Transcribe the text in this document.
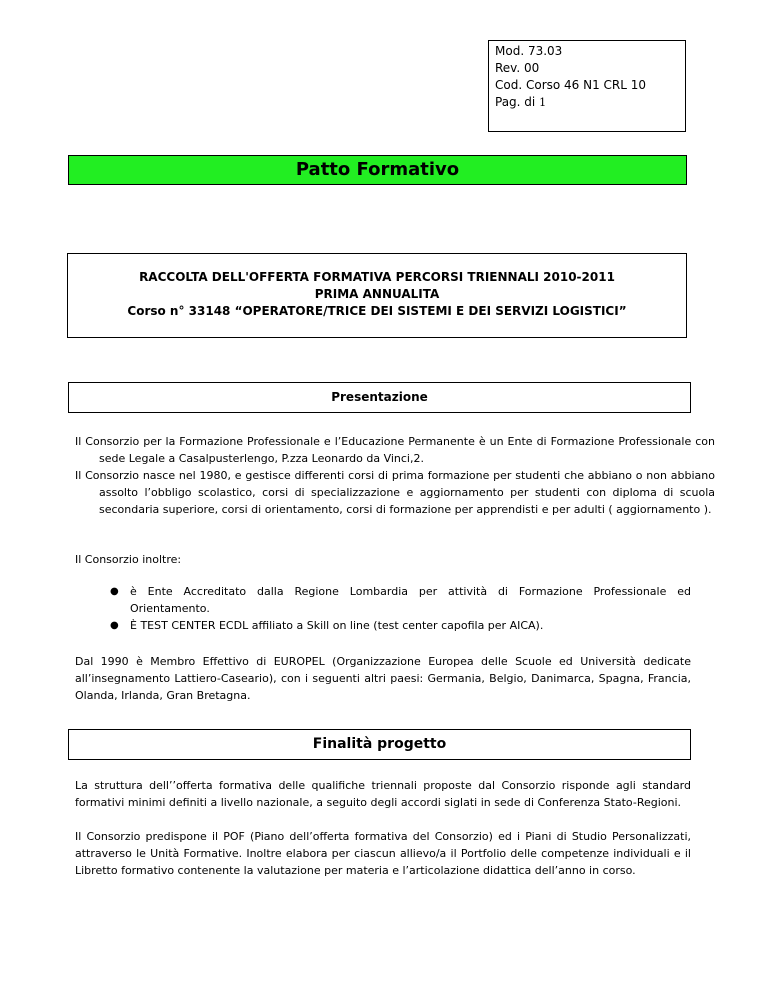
Mod. 73.03
Rev. 00
Cod. Corso 46 N1 CRL 10
Pag. di 1
Patto Formativo
RACCOLTA DELL'OFFERTA FORMATIVA PERCORSI TRIENNALI 2010-2011
PRIMA ANNUALITA
Corso n° 33148 “OPERATORE/TRICE DEI SISTEMI E DEI SERVIZI LOGISTICI”
Presentazione

Il Consorzio per la Formazione Professionale e l’Educazione Permanente è un Ente di Formazione Professionale con sede Legale a Casalpusterlengo, P.zza Leonardo da Vinci,2.

Il Consorzio nasce nel 1980, e gestisce differenti corsi di prima formazione per studenti che abbiano o non abbiano assolto l’obbligo scolastico, corsi di specializzazione e aggiornamento per studenti con diploma di scuola secondaria superiore, corsi di orientamento, corsi di formazione per apprendisti e per adulti ( aggiornamento ).

Il Consorzio inoltre:

● è Ente Accreditato dalla Regione Lombardia per attività di Formazione Professionale ed Orientamento.
● È TEST CENTER ECDL affiliato a Skill on line (test center capofila per AICA).

Dal 1990 è Membro Effettivo di EUROPEL (Organizzazione Europea delle Scuole ed Università dedicate all’insegnamento Lattiero-Caseario), con i seguenti altri paesi: Germania, Belgio, Danimarca, Spagna, Francia, Olanda, Irlanda, Gran Bretagna.

Finalità progetto

La struttura dell’’offerta formativa delle qualifiche triennali proposte dal Consorzio risponde agli standard formativi minimi definiti a livello nazionale, a seguito degli accordi siglati in sede di Conferenza Stato-Regioni.

Il Consorzio predispone il POF (Piano dell’offerta formativa del Consorzio) ed i Piani di Studio Personalizzati, attraverso le Unità Formative. Inoltre elabora per ciascun allievo/a il Portfolio delle competenze individuali e il Libretto formativo contenente la valutazione per materia e l’articolazione didattica dell’anno in corso.
